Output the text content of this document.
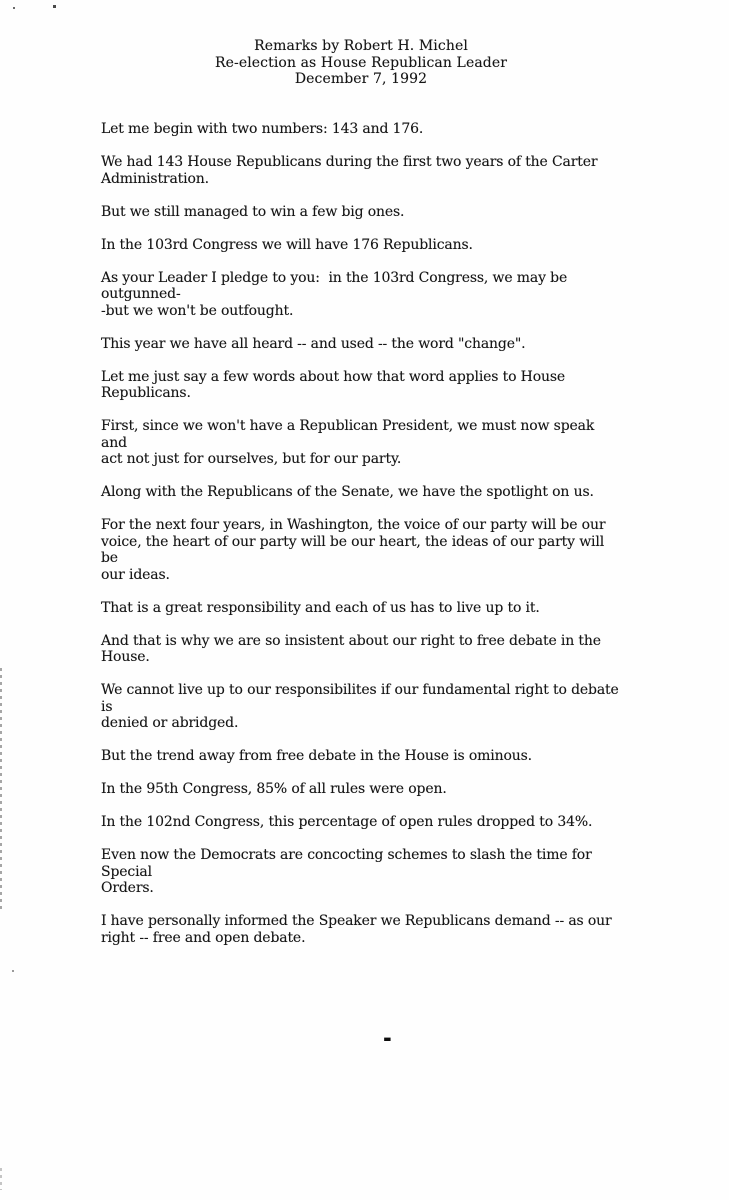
Remarks by Robert H. Michel
Re-election as House Republican Leader
December 7, 1992

Let me begin with two numbers: 143 and 176.

We had 143 House Republicans during the first two years of the Carter
Administration.

But we still managed to win a few big ones.

In the 103rd Congress we will have 176 Republicans.

As your Leader I pledge to you:  in the 103rd Congress, we may be outgunned-
-but we won't be outfought.

This year we have all heard -- and used -- the word "change".

Let me just say a few words about how that word applies to House
Republicans.

First, since we won't have a Republican President, we must now speak and
act not just for ourselves, but for our party.

Along with the Republicans of the Senate, we have the spotlight on us.

For the next four years, in Washington, the voice of our party will be our
voice, the heart of our party will be our heart, the ideas of our party will be
our ideas.

That is a great responsibility and each of us has to live up to it.

And that is why we are so insistent about our right to free debate in the
House.

We cannot live up to our responsibilites if our fundamental right to debate is
denied or abridged.

But the trend away from free debate in the House is ominous.

In the 95th Congress, 85% of all rules were open.

In the 102nd Congress, this percentage of open rules dropped to 34%.

Even now the Democrats are concocting schemes to slash the time for Special
Orders.

I have personally informed the Speaker we Republicans demand -- as our
right -- free and open debate.

-
